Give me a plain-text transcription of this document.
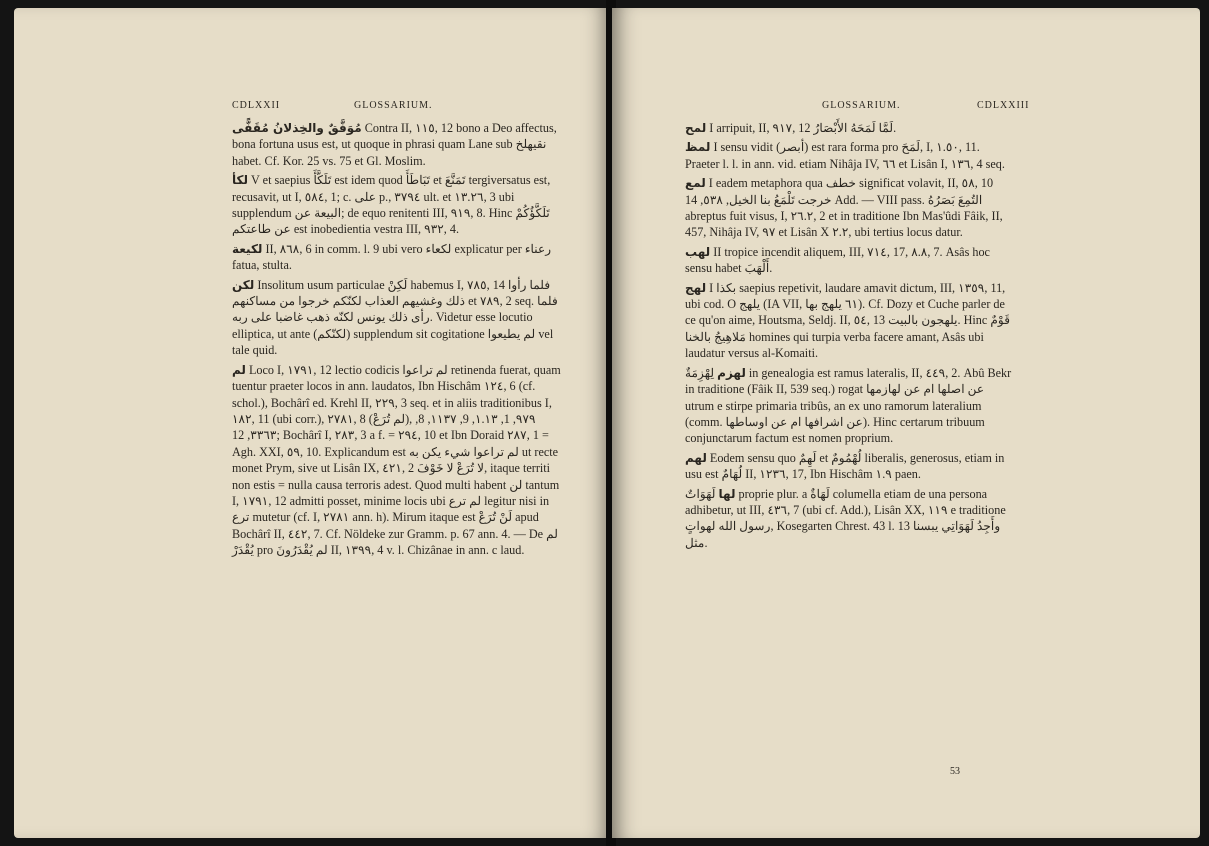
CDLXXII	GLOSSARIUM.

مُوَفَّقٌ والخِذلانُ مُقَفًّى Contra II, ١١٥, 12 bono a Deo affectus, bona fortuna usus est, ut quoque in phrasi quam Lane sub نقيهلخ habet. Cf. Kor. 25 vs. 75 et Gl. Moslim.

لكأ V et saepius تَلَكَّأَ est idem quod تَبَاطَأَ et تَمَنَّعَ tergiversatus est, recusavit, ut I, ٥٨٤, 1; c. على p., ٣٧٩٤ ult. et ١٣.٢٦, 3 ubi supplendum البيعة عن; de equo renitenti III, ٩١٩, 8. Hinc تَلَكَّؤُكُمْ عن طاعتكم est inobedientia vestra III, ٩٣٢, 4.

لكيعة II, ٨٦٨, 6 in comm. l. 9 ubi vero لكعاء explicatur per رعناء fatua, stulta.

لكن Insolitum usum particulae لَكِنْ habemus I, ٧٨٥, 14 فلما رأوا ذلك وغشيهم العذاب لكنّكم خرجوا من مساكنهم et ٧٨٩, 2 seq. فلما رأى ذلك يونس لكنّه ذهب غاضبا على ربه. Videtur esse locutio elliptica, ut ante (لكنّكم) supplendum sit cogitatione لم يطيعوا vel tale quid.

لم Loco I, ١٧٩١, 12 lectio codicis لم تراعوا retinenda fuerat, quam tuentur praeter locos in ann. laudatos, Ibn Hischâm ١٢٤, 6 (cf. schol.), Bochârî ed. Krehl II, ٢٢٩, 3 seq. et in aliis traditionibus I, ١٨٢, 11 (ubi corr.), ٢٧٨١, 8 (لم تُرَعْ), ٩٧٩, 1, ١.١٣, 9, ١١٣٧, 8, ٣٣٦٣, 12; Bochârî I, ٢٨٣, 3 a f. = ٢٩٤, 10 et Ibn Doraid ٢٨٧, 1 = Agh. XXI, ٥٩, 10. Explicandum est لم تراعوا شيء يكن به ut recte monet Prym, sive ut Lisân IX, ٤٢١, 2 لا تُرَعْ لا خَوْفَ, itaque territi non estis = nulla causa terroris adest. Quod multi habent لن tantum I, ١٧٩١, 12 admitti posset, minime locis ubi لم ترع legitur nisi in ترع mutetur (cf. I, ٢٧٨١ ann. h). Mirum itaque est لَنْ تُرَعْ apud Bochârî II, ٤٤٢, 7. Cf. Nöldeke zur Gramm. p. 67 ann. 4. — De لم يُقْدَرْ pro لم يُقْدَرُونَ II, ١٣٩٩, 4 v. l. Chizânae in ann. c laud.

GLOSSARIUM.	CDLXXIII

لمح I arripuit, II, ٩١٧, 12 لَمَّا لَمَحَهُ الأَبْصَارُ.

لمظ I sensu vidit (أبصر) est rara forma pro لَمَحَ, I, ١.٥٠, 11. Praeter l. l. in ann. vid. etiam Nihâja IV, ٦٦ et Lisân I, ١٣٦, 4 seq.

لمع I eadem metaphora qua خطف significat volavit, II, ٥٨, 10 خرجت تَلْمَعُ بنا الخيل, ٥٣٨, 14 Add. — VIII pass. التُمِعَ بَصَرُهُ abreptus fuit visus, I, ٢٦.٢, 2 et in traditione Ibn Mas'ûdi Fâik, II, 457, Nihâja IV, ٩٧ et Lisân X ٢.٢, ubi tertius locus datur.

لهب II tropice incendit aliquem, III, ٧١٤, 17, ٨.٨, 7. Asâs hoc sensu habet أَلْهَبَ.

لهج I بكذا saepius repetivit, laudare amavit dictum, III, ١٣٥٩, 11, ubi cod. O يلهج (IA VII, ٦١ يلهج بها). Cf. Dozy et Cuche parler de ce qu'on aime, Houtsma, Seldj. II, ٥٤, 13 يلهجون بالبيت. Hinc قَوْمٌ مَلاهِيجُ بالخنا homines qui turpia verba facere amant, Asâs ubi laudatur versus al-Komaiti.

لهزم لِهْزِمَةٌ in genealogia est ramus lateralis, II, ٤٤٩, 2. Abû Bekr in traditione (Fâik II, 539 seq.) rogat عن اصلها ام عن لهازمها utrum e stirpe primaria tribûs, an ex uno ramorum lateralium (comm. عن اشرافها ام عن اوساطها). Hinc certarum tribuum conjunctarum factum est nomen proprium.

لهم Eodem sensu quo لَهِمٌ et لُهْمُومٌ liberalis, generosus, etiam in usu est لُهَامٌ II, ١٢٣٦, 17, Ibn Hischâm ١.٩ paen.

لها لَهَوَاتٌ proprie plur. a لَهَاةٌ columella etiam de una persona adhibetur, ut III, ٤٣٦, 7 (ubi cf. Add.), Lisân XX, ١١٩ e traditione رسول الله لهواتٍ, Kosegarten Chrest. 43 l. 13 وأَجِدُ لَهَوَاتِي يبسنا مثل.

53
